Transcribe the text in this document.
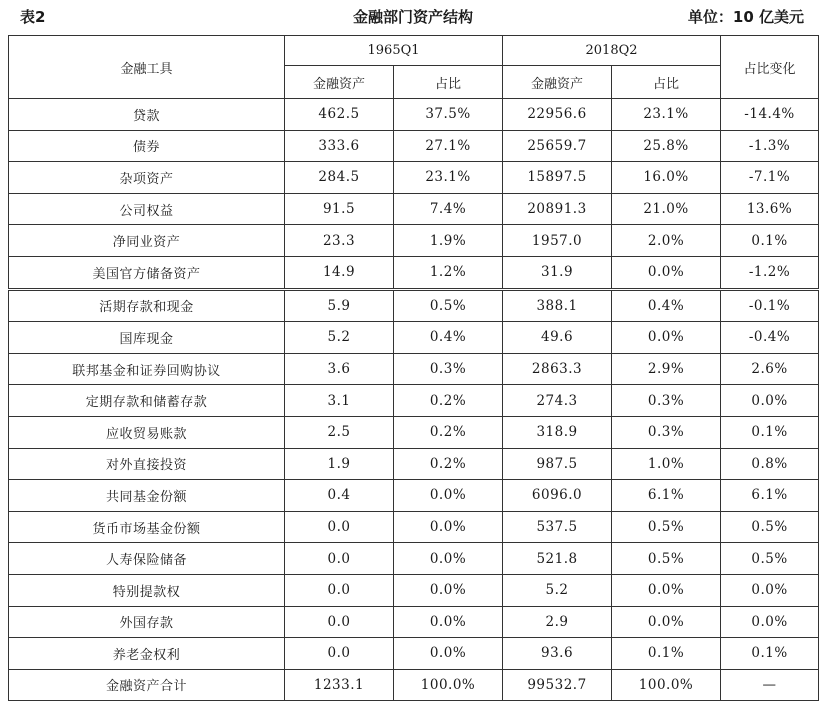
表2	金融部门资产结构	单位：10 亿美元
金融工具	1965Q1		2018Q2		占比变化
	金融资产	占比	金融资产	占比	
贷款	462.5	37.5%	22956.6	23.1%	-14.4%
债券	333.6	27.1%	25659.7	25.8%	-1.3%
杂项资产	284.5	23.1%	15897.5	16.0%	-7.1%
公司权益	91.5	7.4%	20891.3	21.0%	13.6%
净同业资产	23.3	1.9%	1957.0	2.0%	0.1%
美国官方储备资产	14.9	1.2%	31.9	0.0%	-1.2%
活期存款和现金	5.9	0.5%	388.1	0.4%	-0.1%
国库现金	5.2	0.4%	49.6	0.0%	-0.4%
联邦基金和证券回购协议	3.6	0.3%	2863.3	2.9%	2.6%
定期存款和储蓄存款	3.1	0.2%	274.3	0.3%	0.0%
应收贸易账款	2.5	0.2%	318.9	0.3%	0.1%
对外直接投资	1.9	0.2%	987.5	1.0%	0.8%
共同基金份额	0.4	0.0%	6096.0	6.1%	6.1%
货币市场基金份额	0.0	0.0%	537.5	0.5%	0.5%
人寿保险储备	0.0	0.0%	521.8	0.5%	0.5%
特别提款权	0.0	0.0%	5.2	0.0%	0.0%
外国存款	0.0	0.0%	2.9	0.0%	0.0%
养老金权利	0.0	0.0%	93.6	0.1%	0.1%
金融资产合计	1233.1	100.0%	99532.7	100.0%	—
